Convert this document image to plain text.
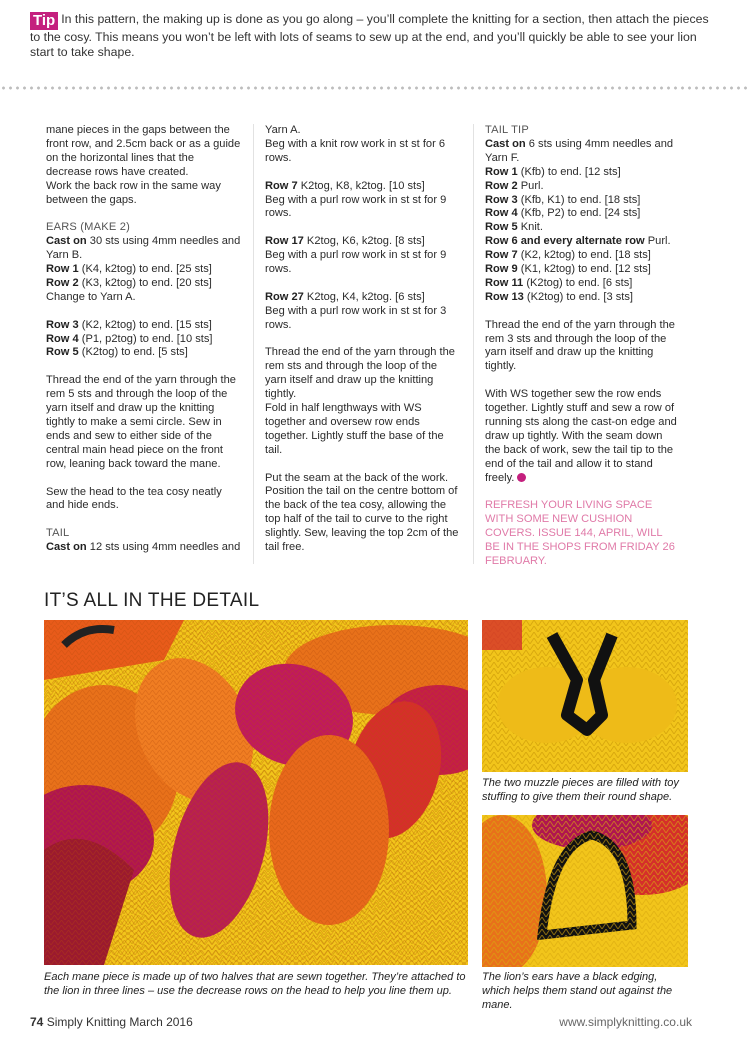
Tip In this pattern, the making up is done as you go along – you’ll complete the knitting for a section, then attach the pieces to the cosy. This means you won’t be left with lots of seams to sew up at the end, and you’ll quickly be able to see your lion start to take shape.

mane pieces in the gaps between the front row, and 2.5cm back or as a guide on the horizontal lines that the decrease rows have created.

Work the back row in the same way between the gaps.

EARS (MAKE 2)

Cast on 30 sts using 4mm needles and Yarn B.

Row 1 (K4, k2tog) to end. [25 sts]

Row 2 (K3, k2tog) to end. [20 sts]

Change to Yarn A.

Row 3 (K2, k2tog) to end. [15 sts]

Row 4 (P1, p2tog) to end. [10 sts]

Row 5 (K2tog) to end. [5 sts]

Thread the end of the yarn through the rem 5 sts and through the loop of the yarn itself and draw up the knitting tightly to make a semi circle. Sew in ends and sew to either side of the central main head piece on the front row, leaning back toward the mane.

Sew the head to the tea cosy neatly and hide ends.

TAIL

Cast on 12 sts using 4mm needles and

Yarn A.

Beg with a knit row work in st st for 6 rows.

Row 7 K2tog, K8, k2tog. [10 sts]

Beg with a purl row work in st st for 9 rows.

Row 17 K2tog, K6, k2tog. [8 sts]

Beg with a purl row work in st st for 9 rows.

Row 27 K2tog, K4, k2tog. [6 sts]

Beg with a purl row work in st st for 3 rows.

Thread the end of the yarn through the rem sts and through the loop of the yarn itself and draw up the knitting tightly.

Fold in half lengthways with WS together and oversew row ends together. Lightly stuff the base of the tail.

Put the seam at the back of the work. Position the tail on the centre bottom of the back of the tea cosy, allowing the top half of the tail to curve to the right slightly. Sew, leaving the top 2cm of the tail free.

TAIL TIP

Cast on 6 sts using 4mm needles and Yarn F.

Row 1 (Kfb) to end. [12 sts]

Row 2 Purl.

Row 3 (Kfb, K1) to end. [18 sts]

Row 4 (Kfb, P2) to end. [24 sts]

Row 5 Knit.

Row 6 and every alternate row Purl.

Row 7 (K2, k2tog) to end. [18 sts]

Row 9 (K1, k2tog) to end. [12 sts]

Row 11 (K2tog) to end. [6 sts]

Row 13 (K2tog) to end. [3 sts]

Thread the end of the yarn through the rem 3 sts and through the loop of the yarn itself and draw up the knitting tightly.

With WS together sew the row ends together. Lightly stuff and sew a row of running sts along the cast-on edge and draw up tightly. With the seam down the back of work, sew the tail tip to the end of the tail and allow it to stand freely.

REFRESH YOUR LIVING SPACE WITH SOME NEW CUSHION COVERS. ISSUE 144, APRIL, WILL BE IN THE SHOPS FROM FRIDAY 26 FEBRUARY.

IT’S ALL IN THE DETAIL
Each mane piece is made up of two halves that are sewn together. They’re attached to the lion in three lines – use the decrease rows on the head to help you line them up.
The two muzzle pieces are filled with toy stuffing to give them their round shape.
The lion’s ears have a black edging, which helps them stand out against the mane.
74 Simply Knitting March 2016	www.simplyknitting.co.uk
